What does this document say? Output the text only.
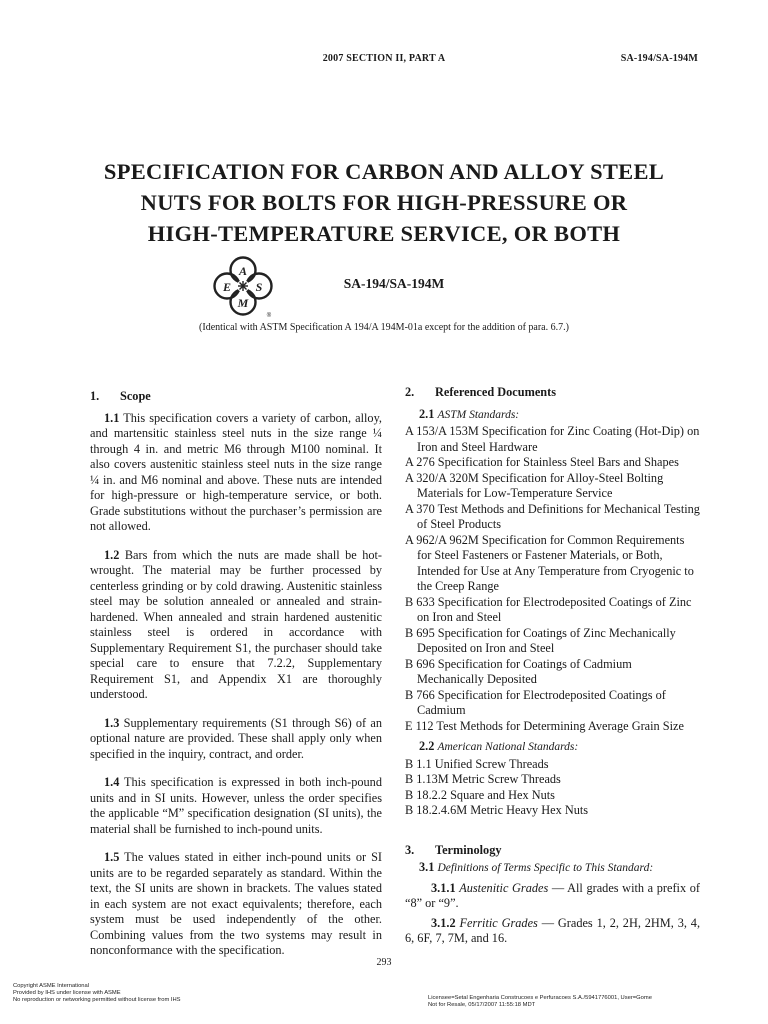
2007 SECTION II, PART A	SA-194/SA-194M
SPECIFICATION FOR CARBON AND ALLOY STEEL
NUTS FOR BOLTS FOR HIGH-PRESSURE OR
HIGH-TEMPERATURE SERVICE, OR BOTH
A
S
M
E
®
SA-194/SA-194M
(Identical with ASTM Specification A 194/A 194M-01a except for the addition of para. 6.7.)
1.	Scope

1.1 This specification covers a variety of carbon, alloy, and martensitic stainless steel nuts in the size range ¼ through 4 in. and metric M6 through M100 nominal. It also covers austenitic stainless steel nuts in the size range ¼ in. and M6 nominal and above. These nuts are intended for high-pressure or high-temperature service, or both. Grade substitutions without the purchaser’s permission are not allowed.

1.2 Bars from which the nuts are made shall be hot-wrought. The material may be further processed by centerless grinding or by cold drawing. Austenitic stainless steel may be solution annealed or annealed and strain-hardened. When annealed and strain hardened austenitic stainless steel is ordered in accordance with Supplementary Requirement S1, the purchaser should take special care to ensure that 7.2.2, Supplementary Requirement S1, and Appendix X1 are thoroughly understood.

1.3 Supplementary requirements (S1 through S6) of an optional nature are provided. These shall apply only when specified in the inquiry, contract, and order.

1.4 This specification is expressed in both inch-pound units and in SI units. However, unless the order specifies the applicable “M” specification designation (SI units), the material shall be furnished to inch-pound units.

1.5 The values stated in either inch-pound units or SI units are to be regarded separately as standard. Within the text, the SI units are shown in brackets. The values stated in each system are not exact equivalents; therefore, each system must be used independently of the other. Combining values from the two systems may result in nonconformance with the specification.

2.	Referenced Documents
2.1 ASTM Standards:

A 153/A 153M Specification for Zinc Coating (Hot-Dip) on Iron and Steel Hardware

A 276 Specification for Stainless Steel Bars and Shapes

A 320/A 320M Specification for Alloy-Steel Bolting Materials for Low-Temperature Service

A 370 Test Methods and Definitions for Mechanical Testing of Steel Products

A 962/A 962M Specification for Common Requirements for Steel Fasteners or Fastener Materials, or Both, Intended for Use at Any Temperature from Cryogenic to the Creep Range

B 633 Specification for Electrodeposited Coatings of Zinc on Iron and Steel

B 695 Specification for Coatings of Zinc Mechanically Deposited on Iron and Steel

B 696 Specification for Coatings of Cadmium Mechanically Deposited

B 766 Specification for Electrodeposited Coatings of Cadmium

E 112 Test Methods for Determining Average Grain Size

2.2 American National Standards:

B 1.1 Unified Screw Threads

B 1.13M Metric Screw Threads

B 18.2.2 Square and Hex Nuts

B 18.2.4.6M Metric Heavy Hex Nuts

3.	Terminology
3.1 Definitions of Terms Specific to This Standard:

3.1.1 Austenitic Grades — All grades with a prefix of “8” or “9”.

3.1.2 Ferritic Grades — Grades 1, 2, 2H, 2HM, 3, 4, 6, 6F, 7, 7M, and 16.

293
Copyright ASME International
Provided by IHS under license with ASME
No reproduction or networking permitted without license from IHS	Licensee=Setal Engenharia Construcoes e Perfuracoes S.A./5941776001, User=Gome
Not for Resale, 05/17/2007 11:55:18 MDT
